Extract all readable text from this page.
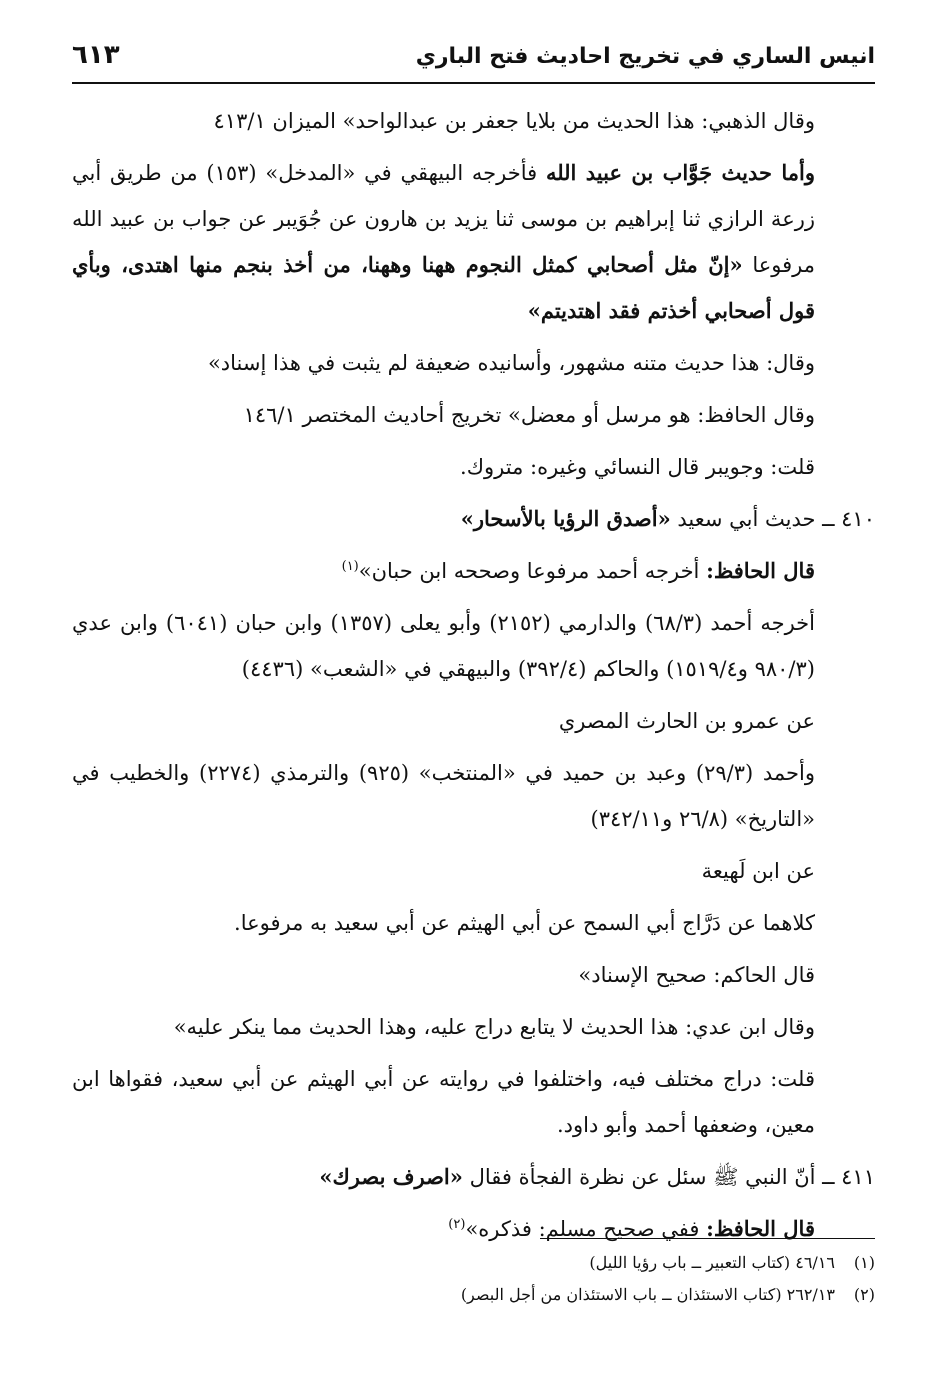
انيس الساري في تخريج احاديث فتح الباري
٦١٣

وقال الذهبي: هذا الحديث من بلايا جعفر بن عبدالواحد» الميزان ٤١٣/١

وأما حديث جَوَّاب بن عبيد الله فأخرجه البيهقي في «المدخل» (١٥٣) من طريق أبي زرعة الرازي ثنا إبراهيم بن موسى ثنا يزيد بن هارون عن جُوَيبر عن جواب بن عبيد الله مرفوعا «إنّ مثل أصحابي كمثل النجوم ههنا وههنا، من أخذ بنجم منها اهتدى، وبأي قول أصحابي أخذتم فقد اهتديتم»

وقال: هذا حديث متنه مشهور، وأسانيده ضعيفة لم يثبت في هذا إسناد»

وقال الحافظ: هو مرسل أو معضل» تخريج أحاديث المختصر ١٤٦/١

قلت: وجويبر قال النسائي وغيره: متروك.

٤١٠ ــ حديث أبي سعيد «أصدق الرؤيا بالأسحار»

قال الحافظ: أخرجه أحمد مرفوعا وصححه ابن حبان»$^{(١)}$

أخرجه أحمد (٦٨/٣) والدارمي (٢١٥٢) وأبو يعلى (١٣٥٧) وابن حبان (٦٠٤١) وابن عدي (٩٨٠/٣ و١٥١٩/٤) والحاكم (٣٩٢/٤) والبيهقي في «الشعب» (٤٤٣٦)

عن عمرو بن الحارث المصري

وأحمد (٢٩/٣) وعبد بن حميد في «المنتخب» (٩٢٥) والترمذي (٢٢٧٤) والخطيب في «التاريخ» (٢٦/٨ و٣٤٢/١١)

عن ابن لَهيعة

كلاهما عن دَرَّاج أبي السمح عن أبي الهيثم عن أبي سعيد به مرفوعا.

قال الحاكم: صحيح الإسناد»

وقال ابن عدي: هذا الحديث لا يتابع دراج عليه، وهذا الحديث مما ينكر عليه»

قلت: دراج مختلف فيه، واختلفوا في روايته عن أبي الهيثم عن أبي سعيد، فقواها ابن معين، وضعفها أحمد وأبو داود.

٤١١ ــ أنّ النبي ﷺ سئل عن نظرة الفجأة فقال «اصرف بصرك»

قال الحافظ: ففي صحيح مسلم: فذكره»$^{(٢)}$

(١)٤٦/١٦ (كتاب التعبير ــ باب رؤيا الليل)

(٢)٢٦٢/١٣ (كتاب الاستئذان ــ باب الاستئذان من أجل البصر)
